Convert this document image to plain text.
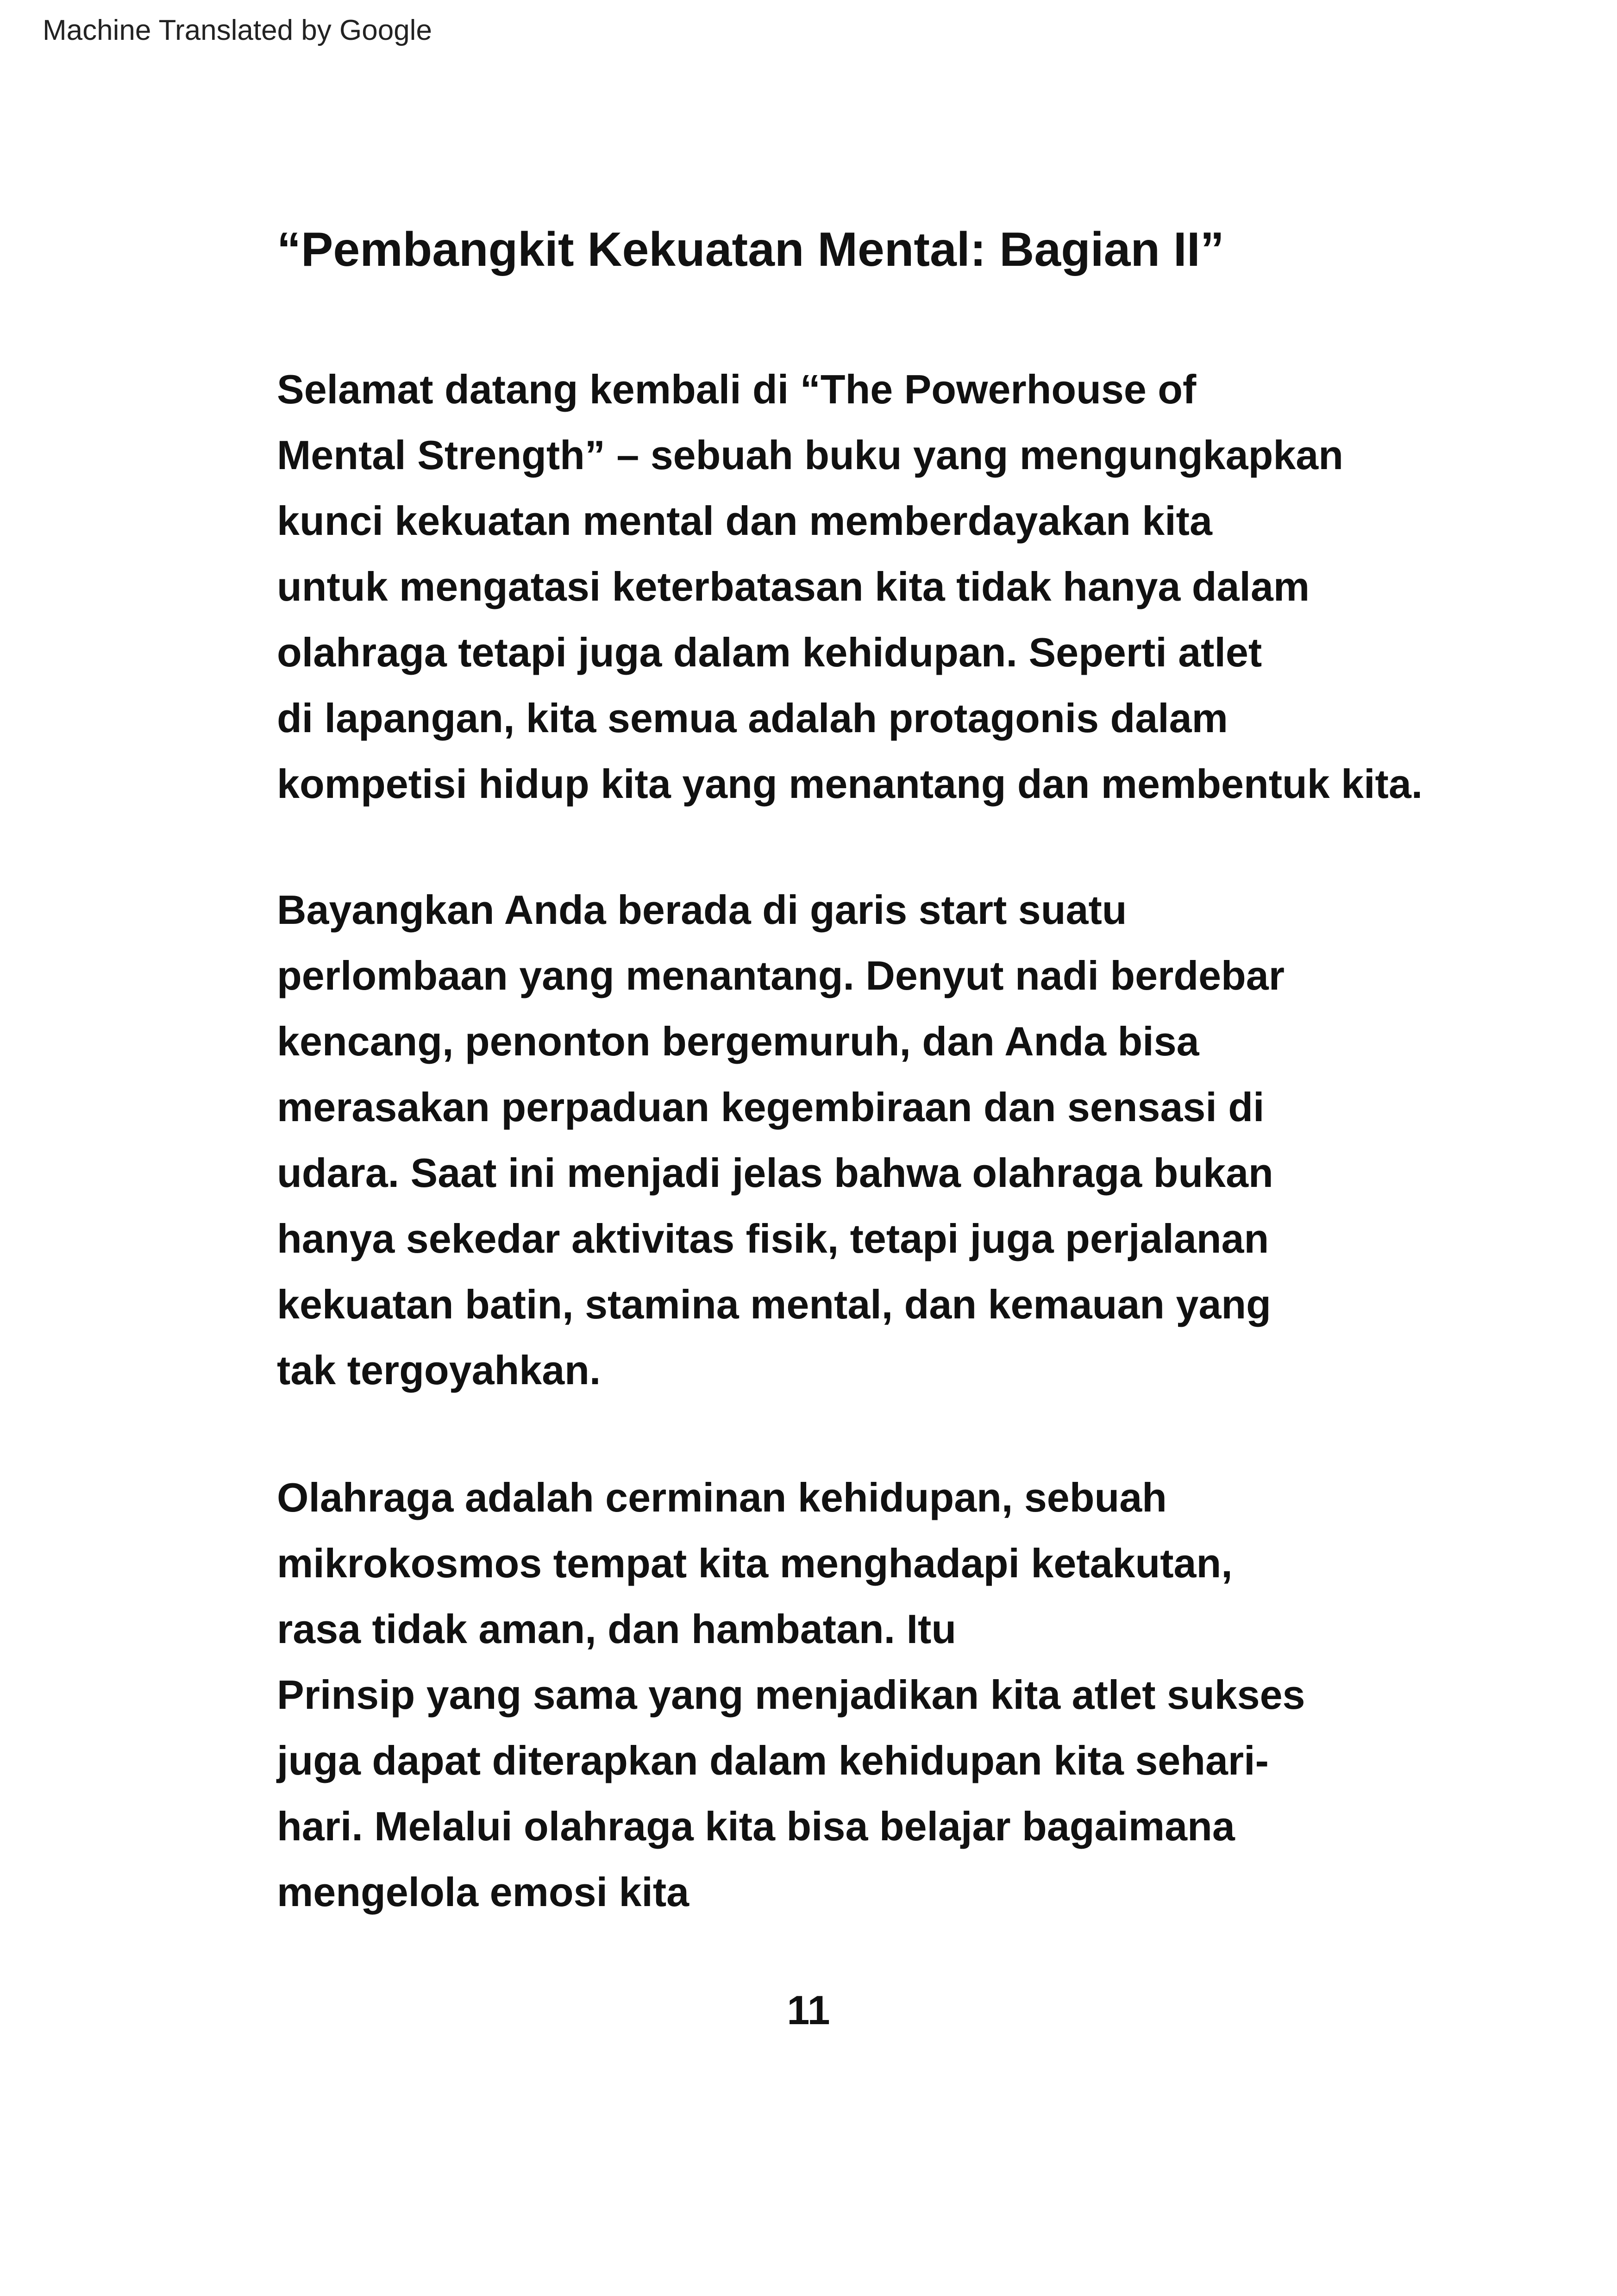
Machine Translated by Google
“Pembangkit Kekuatan Mental: Bagian II”

Selamat datang kembali di “The Powerhouse of
Mental Strength” – sebuah buku yang mengungkapkan
kunci kekuatan mental dan memberdayakan kita
untuk mengatasi keterbatasan kita tidak hanya dalam
olahraga tetapi juga dalam kehidupan. Seperti atlet
di lapangan, kita semua adalah protagonis dalam
kompetisi hidup kita yang menantang dan membentuk kita.

Bayangkan Anda berada di garis start suatu
perlombaan yang menantang. Denyut nadi berdebar
kencang, penonton bergemuruh, dan Anda bisa
merasakan perpaduan kegembiraan dan sensasi di
udara. Saat ini menjadi jelas bahwa olahraga bukan
hanya sekedar aktivitas fisik, tetapi juga perjalanan
kekuatan batin, stamina mental, dan kemauan yang
tak tergoyahkan.

Olahraga adalah cerminan kehidupan, sebuah
mikrokosmos tempat kita menghadapi ketakutan,
rasa tidak aman, dan hambatan. Itu
Prinsip yang sama yang menjadikan kita atlet sukses
juga dapat diterapkan dalam kehidupan kita sehari-
hari. Melalui olahraga kita bisa belajar bagaimana
mengelola emosi kita

11
